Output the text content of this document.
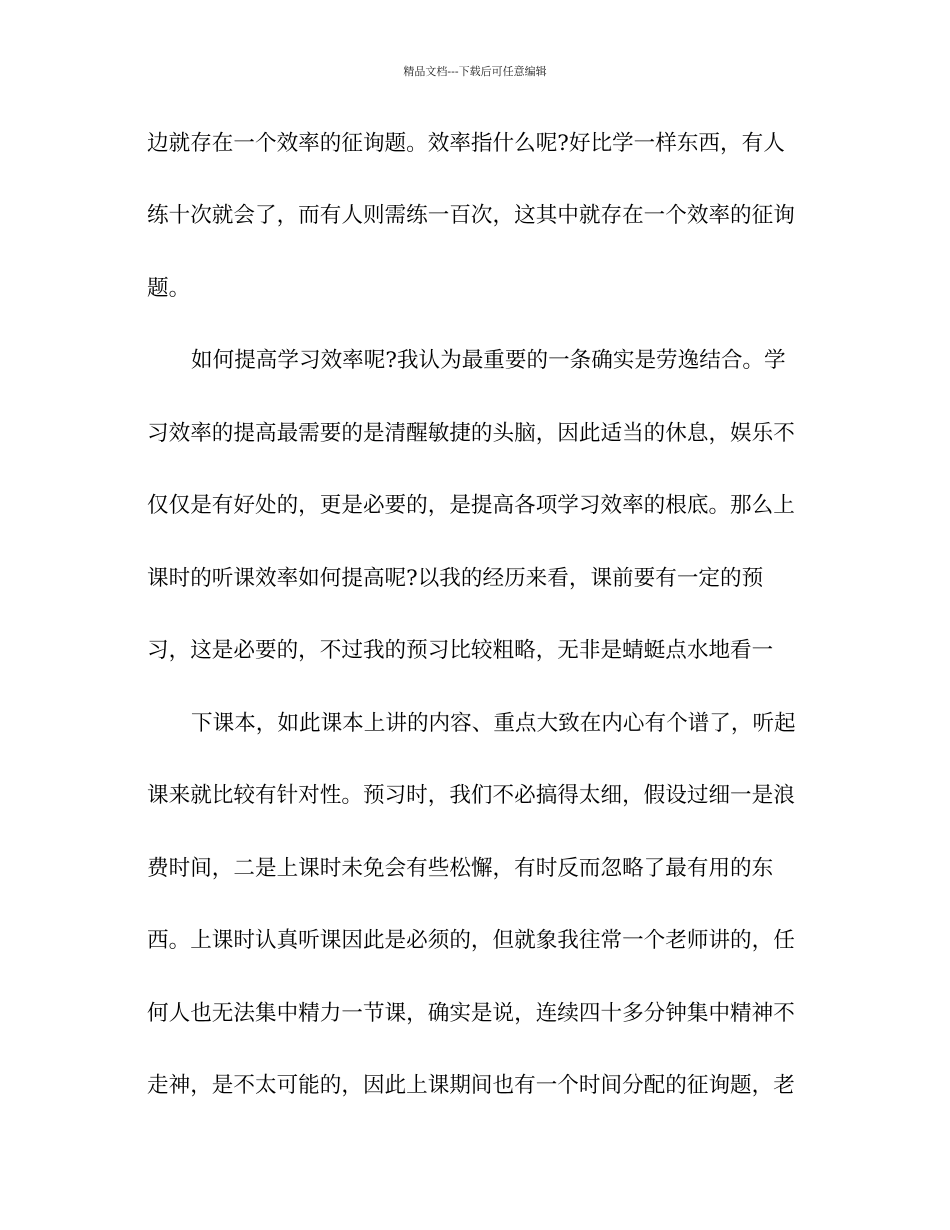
精品文档---下载后可任意编辑
边就存在一个效率的征询题。效率指什么呢?好比学一样东西，有人
练十次就会了，而有人则需练一百次，这其中就存在一个效率的征询
题。
如何提高学习效率呢?我认为最重要的一条确实是劳逸结合。学
习效率的提高最需要的是清醒敏捷的头脑，因此适当的休息，娱乐不
仅仅是有好处的，更是必要的，是提高各项学习效率的根底。那么上
课时的听课效率如何提高呢?以我的经历来看，课前要有一定的预
习，这是必要的，不过我的预习比较粗略，无非是蜻蜓点水地看一
下课本，如此课本上讲的内容、重点大致在内心有个谱了，听起
课来就比较有针对性。预习时，我们不必搞得太细，假设过细一是浪
费时间，二是上课时未免会有些松懈，有时反而忽略了最有用的东
西。上课时认真听课因此是必须的，但就象我往常一个老师讲的，任
何人也无法集中精力一节课，确实是说，连续四十多分钟集中精神不
走神，是不太可能的，因此上课期间也有一个时间分配的征询题，老
